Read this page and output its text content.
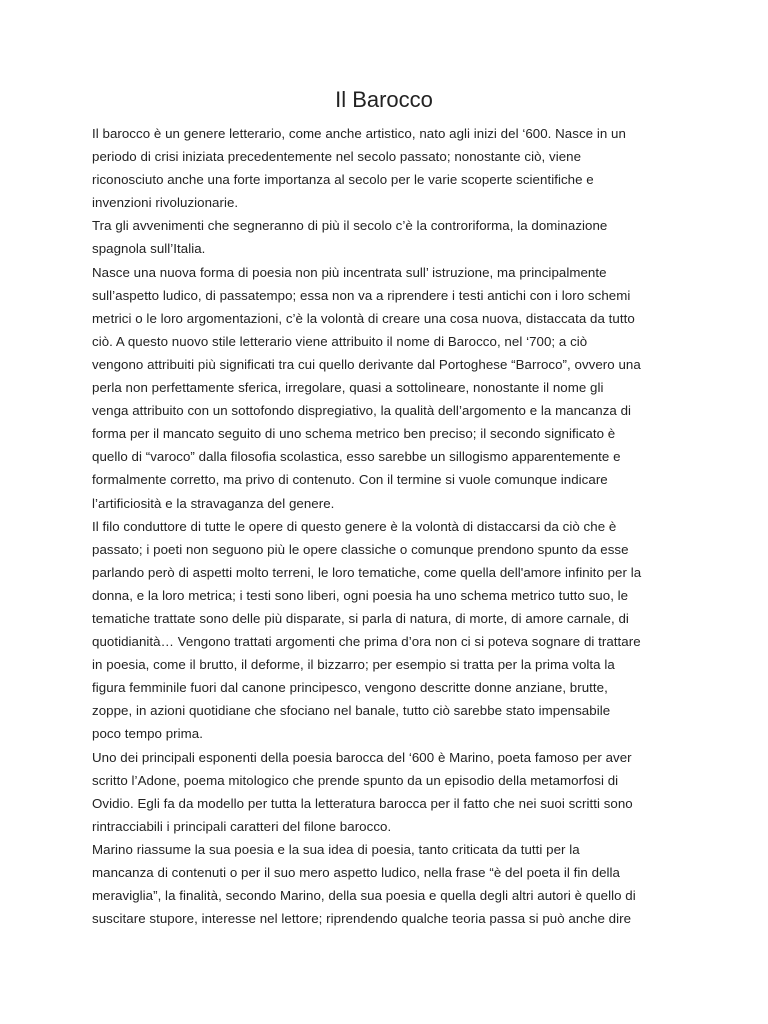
Il Barocco
Il barocco è un genere letterario, come anche artistico, nato agli inizi del ‘600. Nasce in un
periodo di crisi iniziata precedentemente nel secolo passato; nonostante ciò, viene
riconosciuto anche una forte importanza al secolo per le varie scoperte scientifiche e
invenzioni rivoluzionarie.
Tra gli avvenimenti che segneranno di più il secolo c’è la controriforma, la dominazione
spagnola sull’Italia.
Nasce una nuova forma di poesia non più incentrata sull’ istruzione, ma principalmente
sull’aspetto ludico, di passatempo; essa non va a riprendere i testi antichi con i loro schemi
metrici o le loro argomentazioni, c’è la volontà di creare una cosa nuova, distaccata da tutto
ciò. A questo nuovo stile letterario viene attribuito il nome di Barocco, nel ‘700; a ciò
vengono attribuiti più significati tra cui quello derivante dal Portoghese “Barroco”, ovvero una
perla non perfettamente sferica, irregolare, quasi a sottolineare, nonostante il nome gli
venga attribuito con un sottofondo dispregiativo, la qualità dell’argomento e la mancanza di
forma per il mancato seguito di uno schema metrico ben preciso; il secondo significato è
quello di “varoco” dalla filosofia scolastica, esso sarebbe un sillogismo apparentemente e
formalmente corretto, ma privo di contenuto. Con il termine si vuole comunque indicare
l’artificiosità e la stravaganza del genere.
Il filo conduttore di tutte le opere di questo genere è la volontà di distaccarsi da ciò che è
passato; i poeti non seguono più le opere classiche o comunque prendono spunto da esse
parlando però di aspetti molto terreni, le loro tematiche, come quella dell'amore infinito per la
donna, e la loro metrica; i testi sono liberi, ogni poesia ha uno schema metrico tutto suo, le
tematiche trattate sono delle più disparate, si parla di natura, di morte, di amore carnale, di
quotidianità… Vengono trattati argomenti che prima d’ora non ci si poteva sognare di trattare
in poesia, come il brutto, il deforme, il bizzarro; per esempio si tratta per la prima volta la
figura femminile fuori dal canone principesco, vengono descritte donne anziane, brutte,
zoppe, in azioni quotidiane che sfociano nel banale, tutto ciò sarebbe stato impensabile
poco tempo prima.
Uno dei principali esponenti della poesia barocca del ‘600 è Marino, poeta famoso per aver
scritto l’Adone, poema mitologico che prende spunto da un episodio della metamorfosi di
Ovidio. Egli fa da modello per tutta la letteratura barocca per il fatto che nei suoi scritti sono
rintracciabili i principali caratteri del filone barocco.
Marino riassume la sua poesia e la sua idea di poesia, tanto criticata da tutti per la
mancanza di contenuti o per il suo mero aspetto ludico, nella frase “è del poeta il fin della
meraviglia”, la finalità, secondo Marino, della sua poesia e quella degli altri autori è quello di
suscitare stupore, interesse nel lettore; riprendendo qualche teoria passa si può anche dire
